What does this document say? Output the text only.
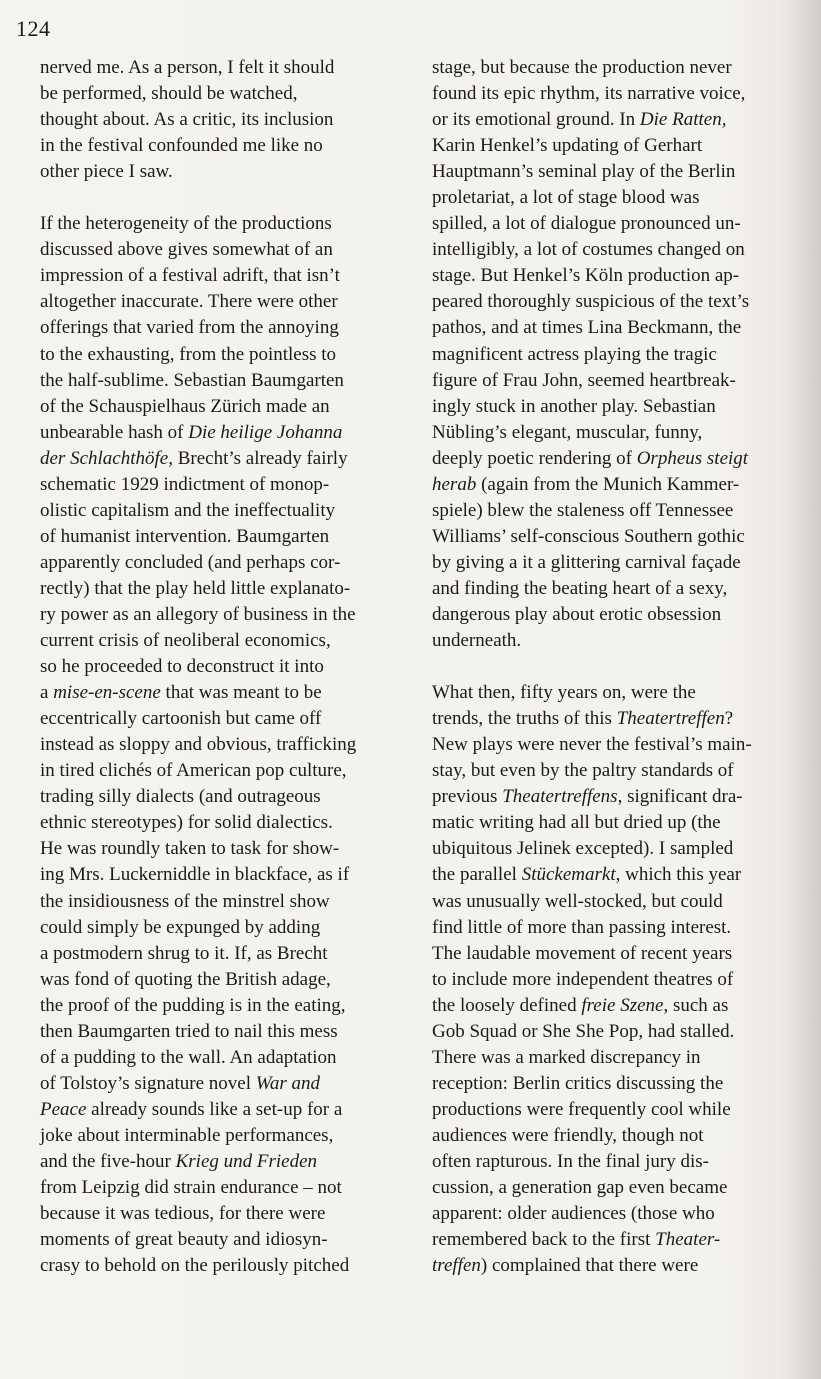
124
nerved me. As a person, I felt it should
be performed, should be watched,
thought about. As a critic, its inclusion
in the festival confounded me like no
other piece I saw.
If the heterogeneity of the productions
discussed above gives somewhat of an
impression of a festival adrift, that isn’t
altogether inaccurate. There were other
offerings that varied from the annoying
to the exhausting, from the pointless to
the half-sublime. Sebastian Baumgarten
of the Schauspielhaus Zürich made an
unbearable hash of Die heilige Johanna
der Schlachthöfe, Brecht’s already fairly
schematic 1929 indictment of monop-
olistic capitalism and the ineffectuality
of humanist intervention. Baumgarten
apparently concluded (and perhaps cor-
rectly) that the play held little explanato-
ry power as an allegory of business in the
current crisis of neoliberal economics,
so he proceeded to deconstruct it into
a mise-en-scene that was meant to be
eccentrically cartoonish but came off
instead as sloppy and obvious, trafficking
in tired clichés of American pop culture,
trading silly dialects (and outrageous
ethnic stereotypes) for solid dialectics.
He was roundly taken to task for show-
ing Mrs. Luckerniddle in blackface, as if
the insidiousness of the minstrel show
could simply be expunged by adding
a postmodern shrug to it. If, as Brecht
was fond of quoting the British adage,
the proof of the pudding is in the eating,
then Baumgarten tried to nail this mess
of a pudding to the wall. An adaptation
of Tolstoy’s signature novel War and
Peace already sounds like a set-up for a
joke about interminable performances,
and the five-hour Krieg und Frieden
from Leipzig did strain endurance – not
because it was tedious, for there were
moments of great beauty and idiosyn-
crasy to behold on the perilously pitched
stage, but because the production never
found its epic rhythm, its narrative voice,
or its emotional ground. In Die Ratten,
Karin Henkel’s updating of Gerhart
Hauptmann’s seminal play of the Berlin
proletariat, a lot of stage blood was
spilled, a lot of dialogue pronounced un-
intelligibly, a lot of costumes changed on
stage. But Henkel’s Köln production ap-
peared thoroughly suspicious of the text’s
pathos, and at times Lina Beckmann, the
magnificent actress playing the tragic
figure of Frau John, seemed heartbreak-
ingly stuck in another play. Sebastian
Nübling’s elegant, muscular, funny,
deeply poetic rendering of Orpheus steigt
herab (again from the Munich Kammer-
spiele) blew the staleness off Tennessee
Williams’ self-conscious Southern gothic
by giving a it a glittering carnival façade
and finding the beating heart of a sexy,
dangerous play about erotic obsession
underneath.
What then, fifty years on, were the
trends, the truths of this Theatertreffen?
New plays were never the festival’s main-
stay, but even by the paltry standards of
previous Theatertreffens, significant dra-
matic writing had all but dried up (the
ubiquitous Jelinek excepted). I sampled
the parallel Stückemarkt, which this year
was unusually well-stocked, but could
find little of more than passing interest.
The laudable movement of recent years
to include more independent theatres of
the loosely defined freie Szene, such as
Gob Squad or She She Pop, had stalled.
There was a marked discrepancy in
reception: Berlin critics discussing the
productions were frequently cool while
audiences were friendly, though not
often rapturous. In the final jury dis-
cussion, a generation gap even became
apparent: older audiences (those who
remembered back to the first Theater-
treffen) complained that there were
